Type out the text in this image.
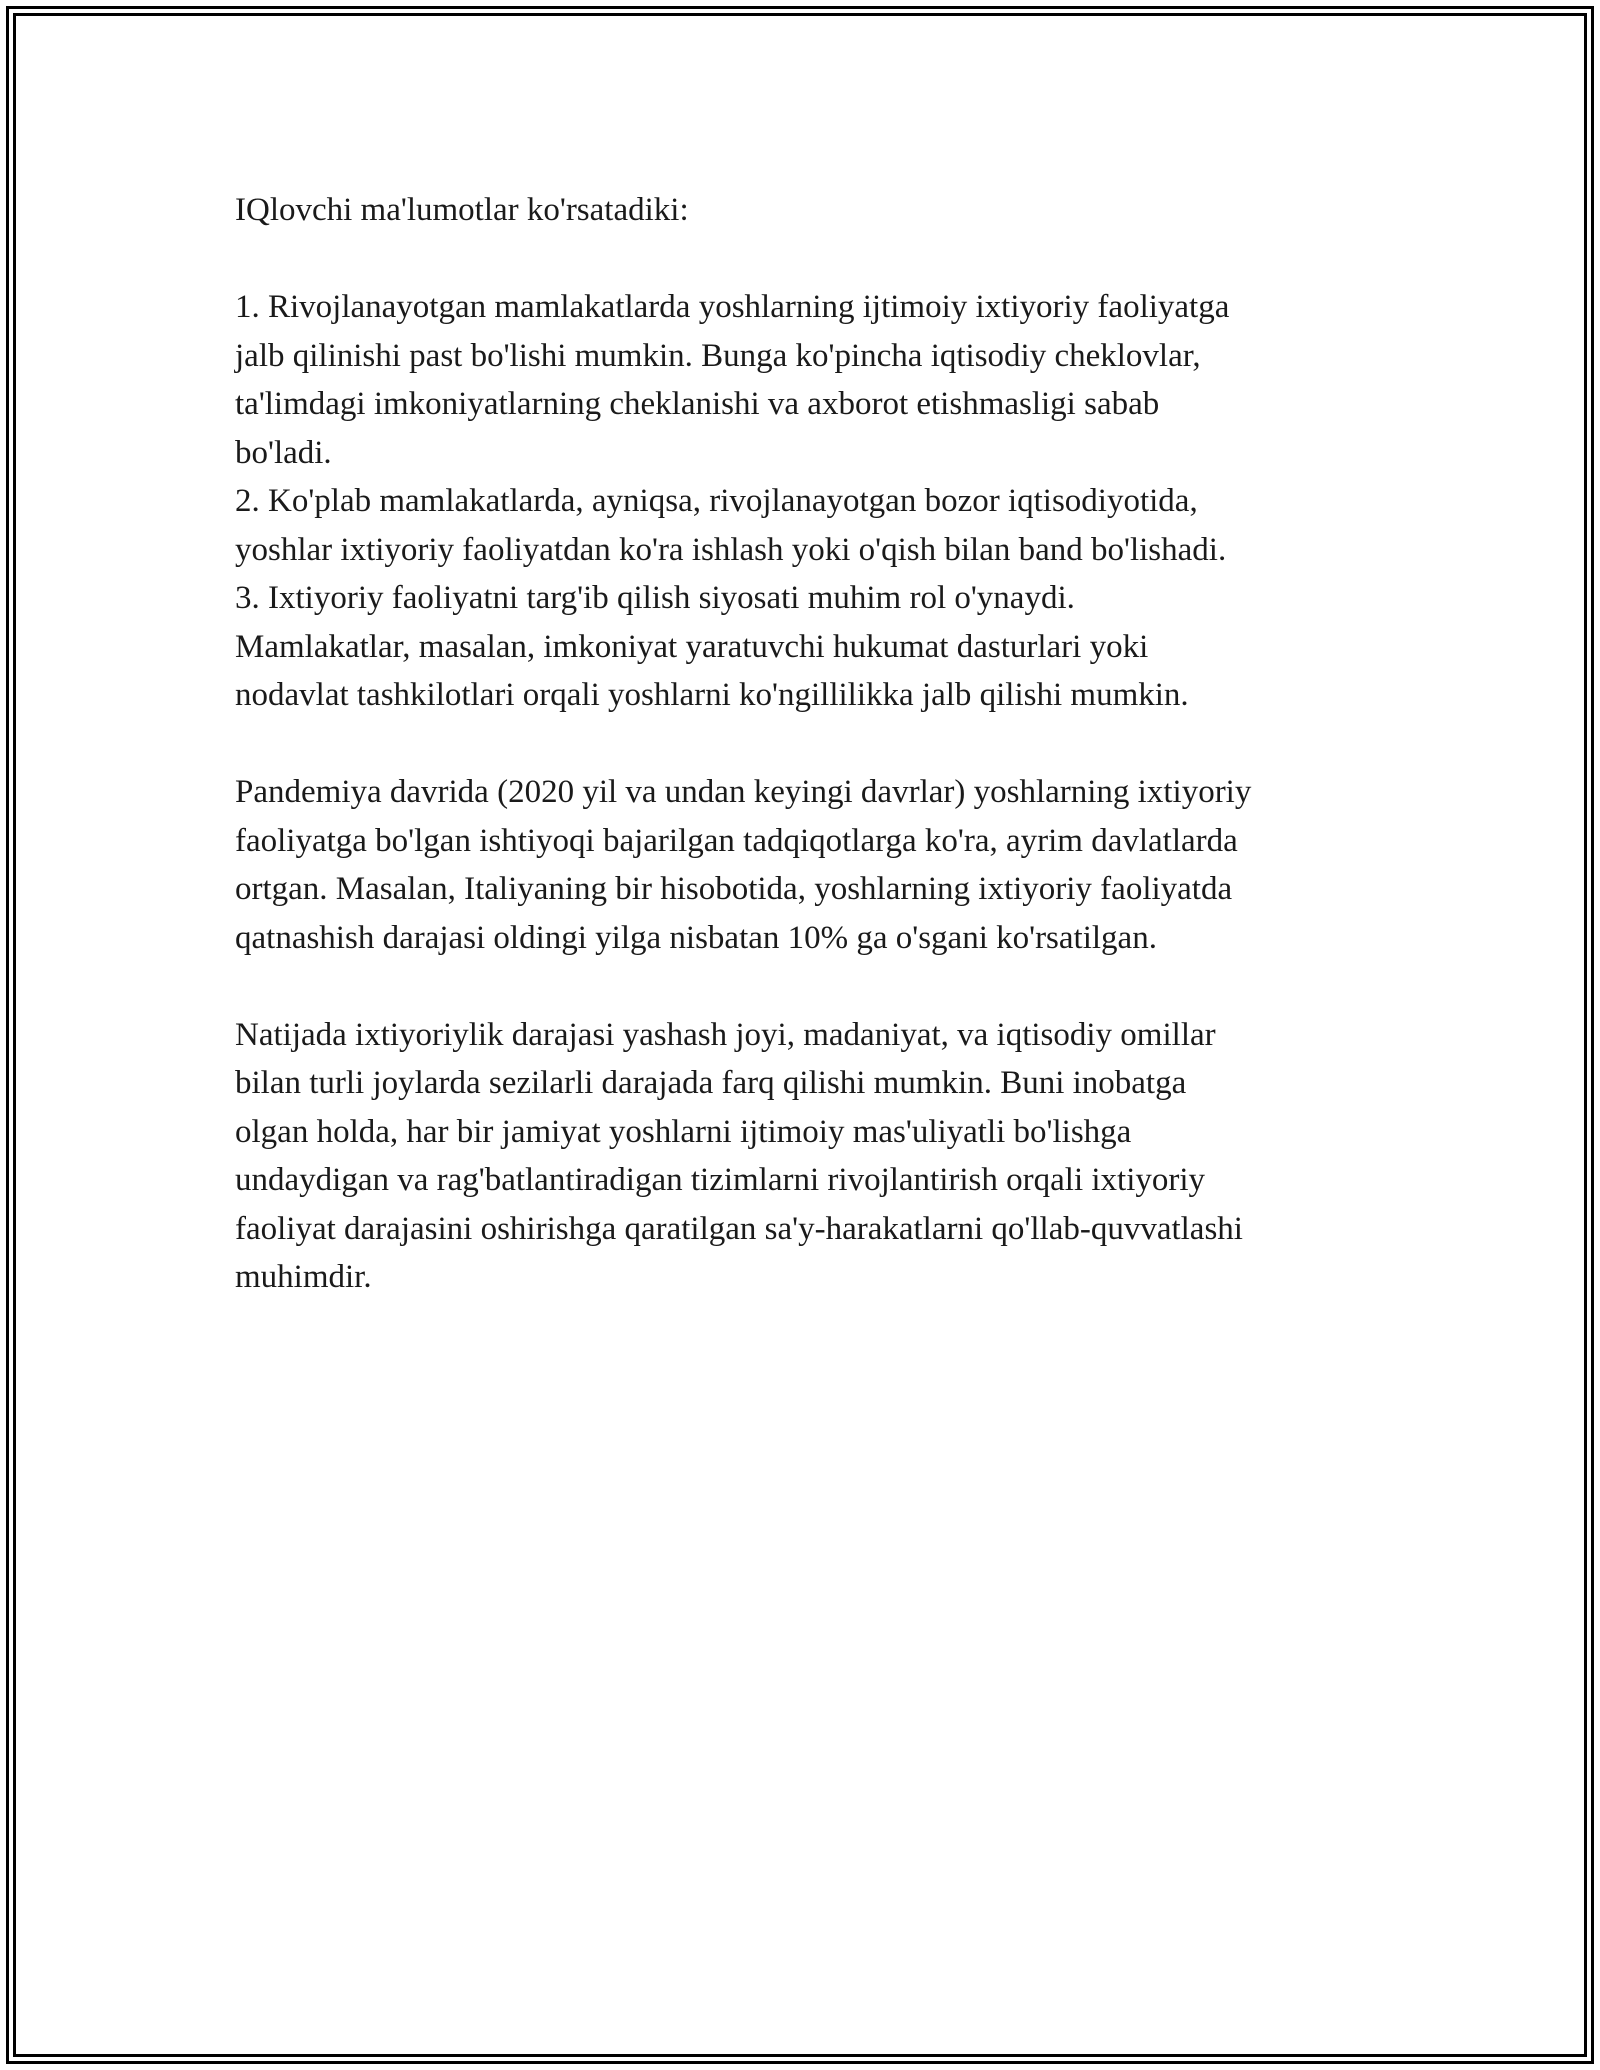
IQlovchi ma'lumotlar ko'rsatadiki:
1. Rivojlanayotgan mamlakatlarda yoshlarning ijtimoiy ixtiyoriy faoliyatga
jalb qilinishi past bo'lishi mumkin. Bunga ko'pincha iqtisodiy cheklovlar,
ta'limdagi imkoniyatlarning cheklanishi va axborot etishmasligi sabab
bo'ladi.
2. Ko'plab mamlakatlarda, ayniqsa, rivojlanayotgan bozor iqtisodiyotida,
yoshlar ixtiyoriy faoliyatdan ko'ra ishlash yoki o'qish bilan band bo'lishadi.
3. Ixtiyoriy faoliyatni targ'ib qilish siyosati muhim rol o'ynaydi.
Mamlakatlar, masalan, imkoniyat yaratuvchi hukumat dasturlari yoki
nodavlat tashkilotlari orqali yoshlarni ko'ngillilikka jalb qilishi mumkin.
Pandemiya davrida (2020 yil va undan keyingi davrlar) yoshlarning ixtiyoriy
faoliyatga bo'lgan ishtiyoqi bajarilgan tadqiqotlarga ko'ra, ayrim davlatlarda
ortgan. Masalan, Italiyaning bir hisobotida, yoshlarning ixtiyoriy faoliyatda
qatnashish darajasi oldingi yilga nisbatan 10% ga o'sgani ko'rsatilgan.
Natijada ixtiyoriylik darajasi yashash joyi, madaniyat, va iqtisodiy omillar
bilan turli joylarda sezilarli darajada farq qilishi mumkin. Buni inobatga
olgan holda, har bir jamiyat yoshlarni ijtimoiy mas'uliyatli bo'lishga
undaydigan va rag'batlantiradigan tizimlarni rivojlantirish orqali ixtiyoriy
faoliyat darajasini oshirishga qaratilgan sa'y-harakatlarni qo'llab-quvvatlashi
muhimdir.
